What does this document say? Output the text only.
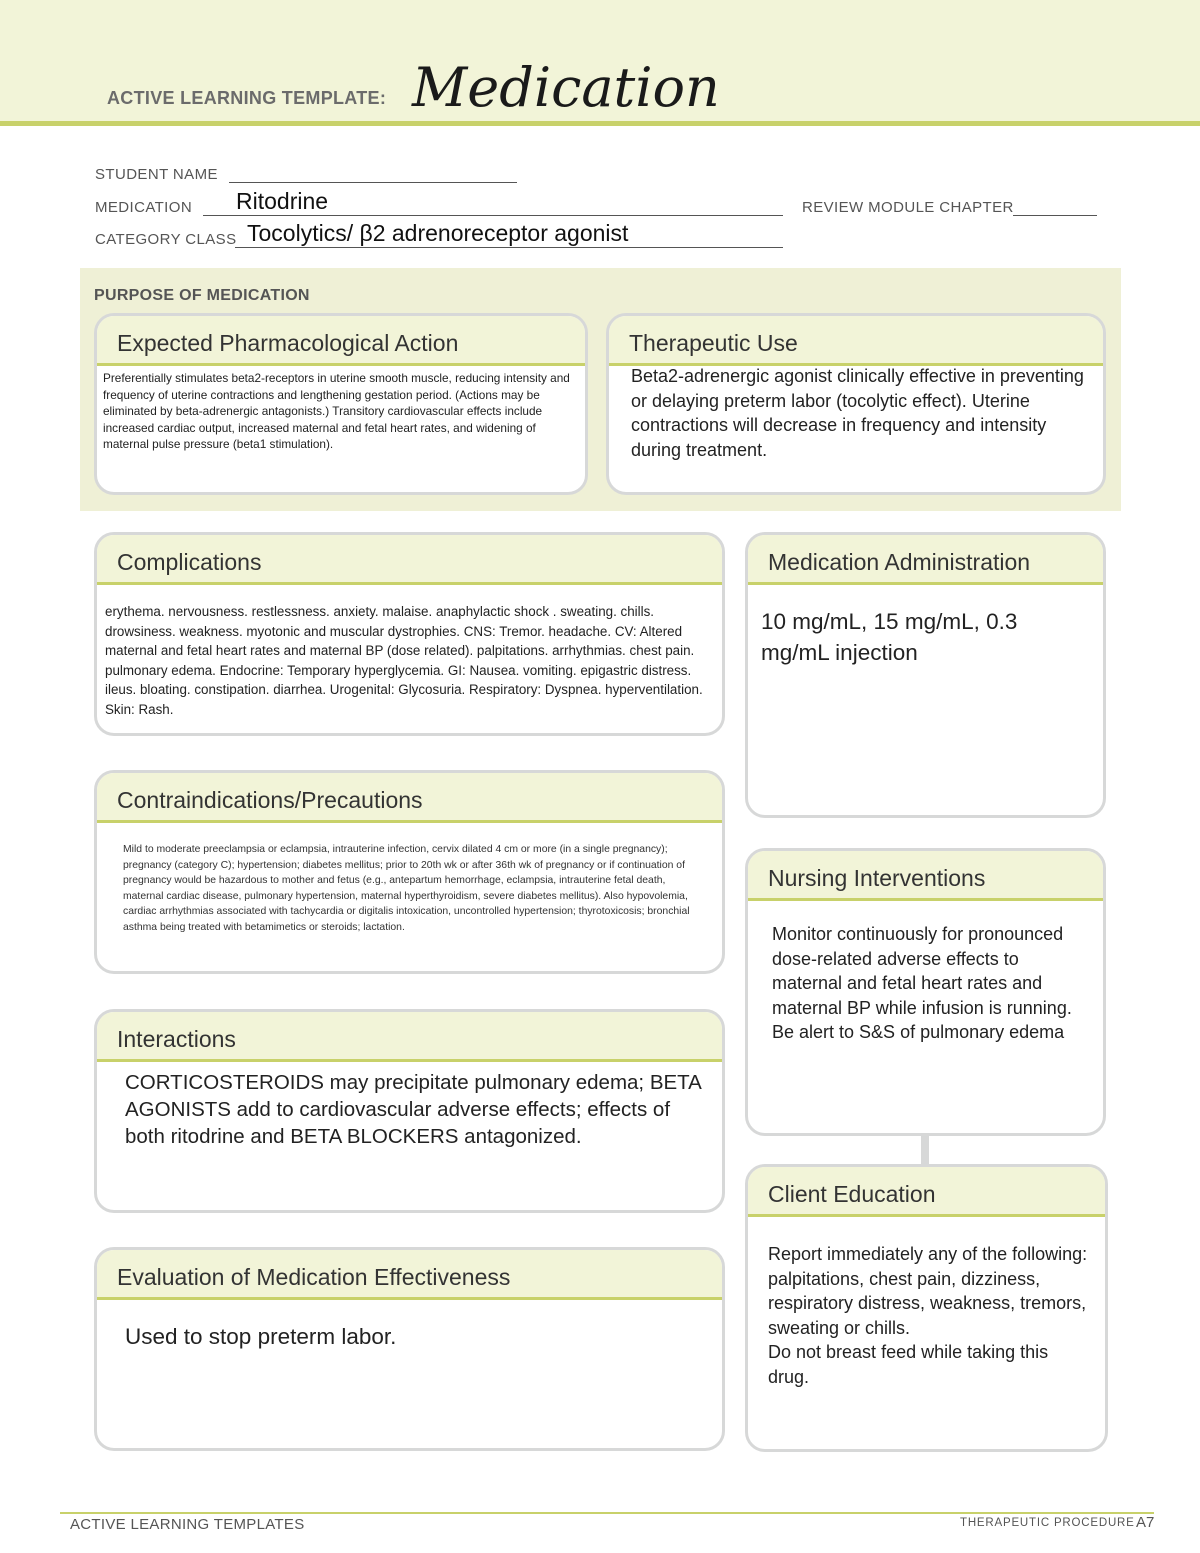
ACTIVE LEARNING TEMPLATE: Medication
STUDENT NAME
MEDICATION Ritodrine	REVIEW MODULE CHAPTER
CATEGORY CLASS Tocolytics/ β2 adrenoreceptor agonist
PURPOSE OF MEDICATION
Expected Pharmacological Action
Preferentially stimulates beta2-receptors in uterine smooth muscle, reducing intensity and frequency of uterine contractions and lengthening gestation period. (Actions may be eliminated by beta-adrenergic antagonists.) Transitory cardiovascular effects include increased cardiac output, increased maternal and fetal heart rates, and widening of maternal pulse pressure (beta1 stimulation).
Therapeutic Use
Beta2-adrenergic agonist clinically effective in preventing or delaying preterm labor (tocolytic effect). Uterine contractions will decrease in frequency and intensity during treatment.
Complications
erythema. nervousness. restlessness. anxiety. malaise. anaphylactic shock . sweating. chills. drowsiness. weakness. myotonic and muscular dystrophies. CNS: Tremor. headache. CV: Altered maternal and fetal heart rates and maternal BP (dose related). palpitations. arrhythmias. chest pain. pulmonary edema. Endocrine: Temporary hyperglycemia. GI: Nausea. vomiting. epigastric distress. ileus. bloating. constipation. diarrhea. Urogenital: Glycosuria. Respiratory: Dyspnea. hyperventilation. Skin: Rash.
Medication Administration
10 mg/mL, 15 mg/mL, 0.3 mg/mL injection
Contraindications/Precautions
Mild to moderate preeclampsia or eclampsia, intrauterine infection, cervix dilated 4 cm or more (in a single pregnancy); pregnancy (category C); hypertension; diabetes mellitus; prior to 20th wk or after 36th wk of pregnancy or if continuation of pregnancy would be hazardous to mother and fetus (e.g., antepartum hemorrhage, eclampsia, intrauterine fetal death, maternal cardiac disease, pulmonary hypertension, maternal hyperthyroidism, severe diabetes mellitus). Also hypovolemia, cardiac arrhythmias associated with tachycardia or digitalis intoxication, uncontrolled hypertension; thyrotoxicosis; bronchial asthma being treated with betamimetics or steroids; lactation.
Nursing Interventions
Monitor continuously for pronounced dose-related adverse effects to maternal and fetal heart rates and maternal BP while infusion is running.
Be alert to S&S of pulmonary edema
Interactions
CORTICOSTEROIDS may precipitate pulmonary edema; BETA AGONISTS add to cardiovascular adverse effects; effects of both ritodrine and BETA BLOCKERS antagonized.
Client Education
Report immediately any of the following: palpitations, chest pain, dizziness, respiratory distress, weakness, tremors, sweating or chills.
Do not breast feed while taking this drug.
Evaluation of Medication Effectiveness
Used to stop preterm labor.
ACTIVE LEARNING TEMPLATES	THERAPEUTIC PROCEDURE A7
